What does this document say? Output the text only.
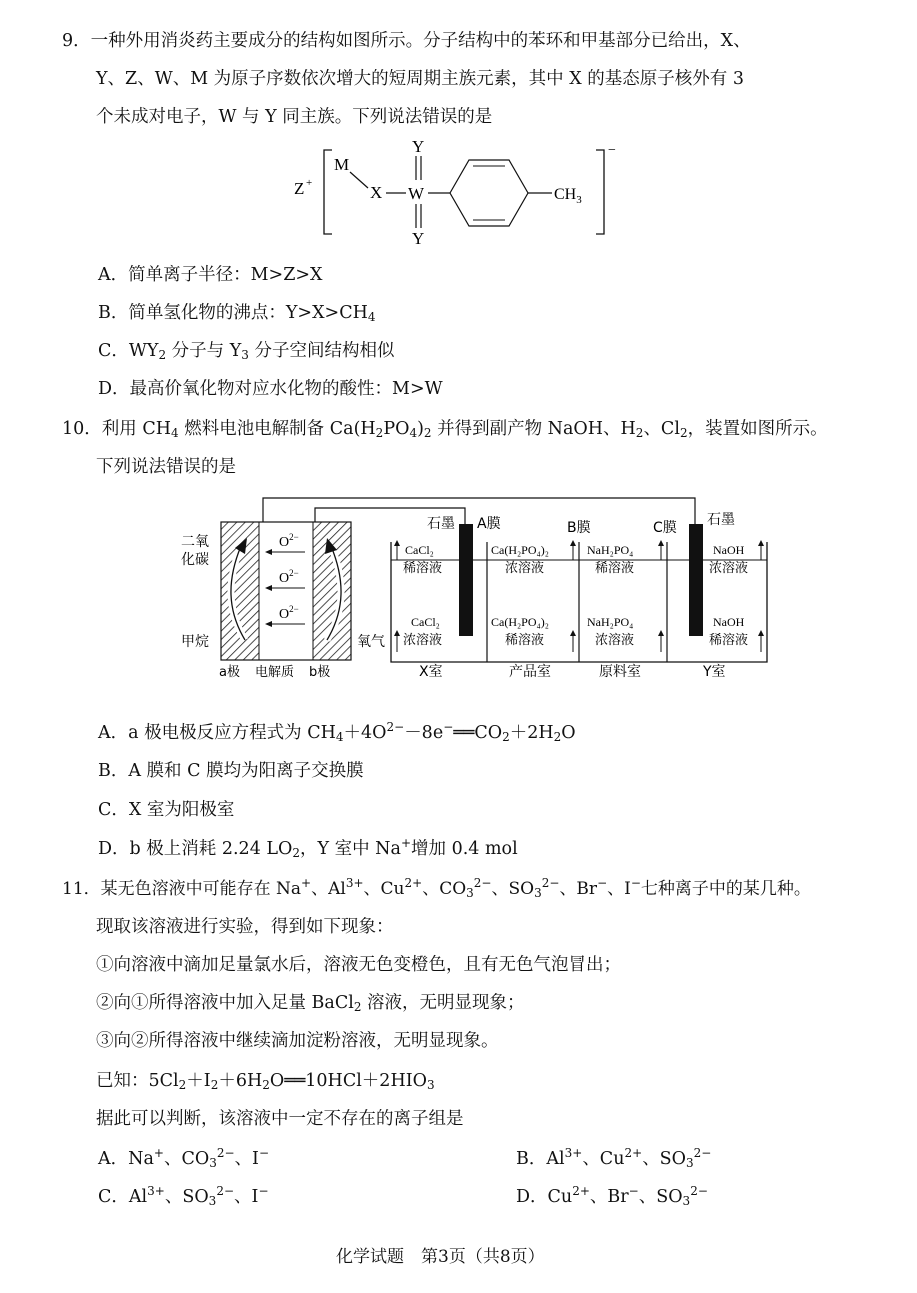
9．一种外用消炎药主要成分的结构如图所示。分子结构中的苯环和甲基部分已给出，X、
Y、Z、W、M 为原子序数依次增大的短周期主族元素，其中 X 的基态原子核外有 3
个未成对电子，W 与 Y 同主族。下列说法错误的是
Z +
M
X W
Y
Y
$CH_3$
−
A．简单离子半径：M>Z>X
B．简单氢化物的沸点：$Y>X>CH_4$
C．$WY_2$ 分子与 $Y_3$ 分子空间结构相似
D．最高价氧化物对应水化物的酸性：M>W
10．利用 $CH_4$ 燃料电池电解制备 $Ca(H_2PO_4)_2$ 并得到副产物 NaOH、$H_2$、$Cl_2$，装置如图所示。
下列说法错误的是
$O^{2-}$
$O^{2-}$
$O^{2-}$
二氧
化碳
甲烷	氧气
a极 电解质 b极
石墨 A膜	B膜	C膜 石墨
CaCl₂
稀溶液
CaCl₂
浓溶液
Ca(H₂PO₄)₂
浓溶液
Ca(H₂PO₄)₂
稀溶液
NaH₂PO₄
稀溶液
NaH₂PO₄
浓溶液
NaOH
浓溶液
NaOH
稀溶液
X室	产品室	原料室	Y室
A．a 极电极反应方程式为 $CH_4+4O^{2-}-8e^-══CO_2+2H_2O$
B．A 膜和 C 膜均为阳离子交换膜
C．X 室为阳极室
D．b 极上消耗 2.24 $LO_2$，Y 室中 Na+增加 0.4 mol
11．某无色溶液中可能存在 Na+、$Al^{3+}$、$Cu^{2+}$、$CO_3^{2-}$、$SO_3^{2-}$、Br−、I−七种离子中的某几种。
现取该溶液进行实验，得到如下现象：
①向溶液中滴加足量氯水后，溶液无色变橙色，且有无色气泡冒出；
②向①所得溶液中加入足量 BaCl$_2$ 溶液，无明显现象；
③向②所得溶液中继续滴加淀粉溶液，无明显现象。
已知：$5Cl_2+I_2+6H_2O══10HCl+2HIO_3$
据此可以判断，该溶液中一定不存在的离子组是
A．Na+、$CO_3^{2-}$、I−	B．$Al^{3+}$、$Cu^{2+}$、$SO_3^{2-}$
C．$Al^{3+}$、$SO_3^{2-}$、I−	D．$Cu^{2+}$、Br−、$SO_3^{2-}$
化学试题　第3页（共8页）
